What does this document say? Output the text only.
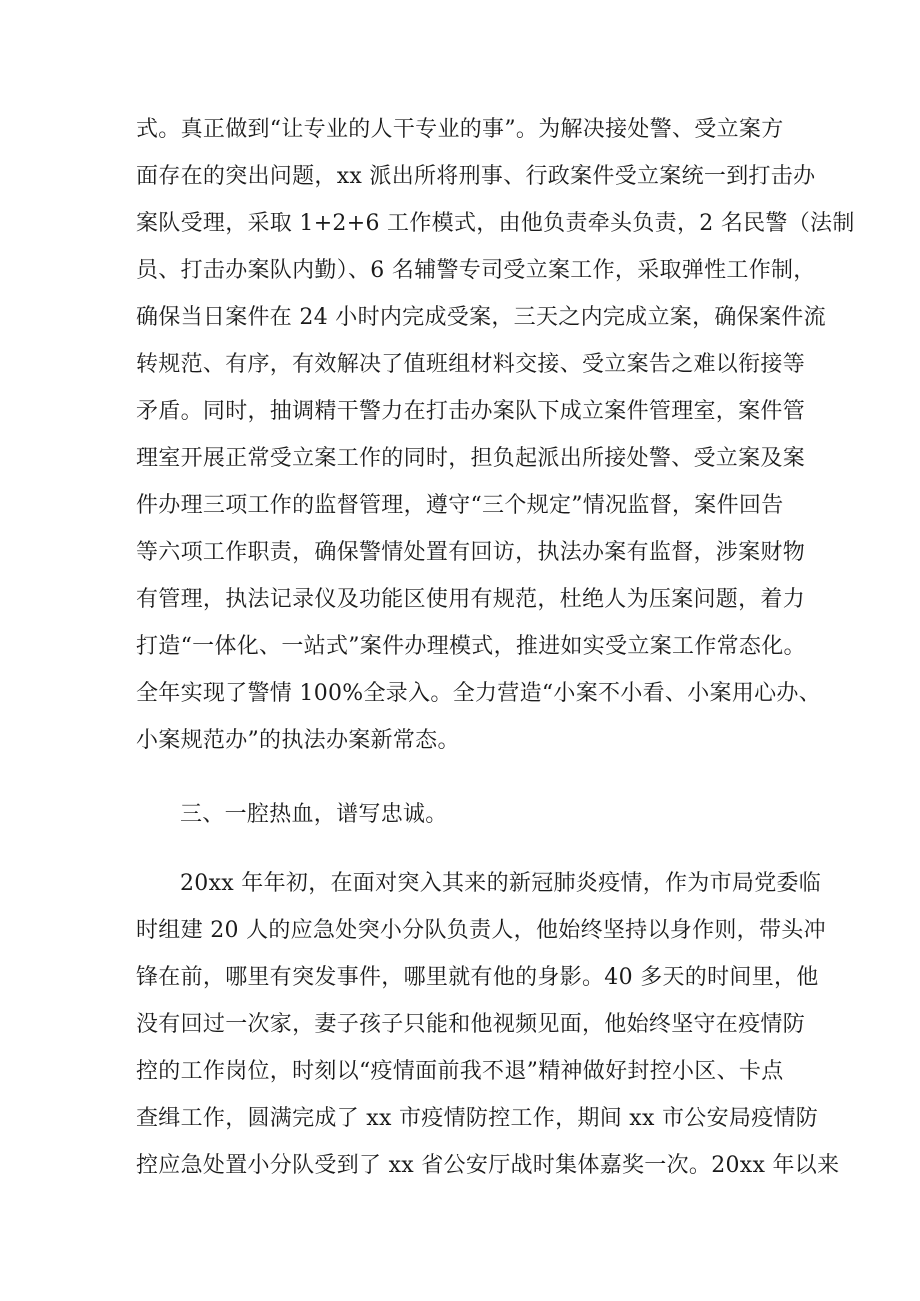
式。真正做到“让专业的人干专业的事”。为解决接处警、受立案方
面存在的突出问题，xx 派出所将刑事、行政案件受立案统一到打击办
案队受理，采取 1+2+6 工作模式，由他负责牵头负责，2 名民警（法制
员、打击办案队内勤）、6 名辅警专司受立案工作，采取弹性工作制，
确保当日案件在 24 小时内完成受案，三天之内完成立案，确保案件流
转规范、有序，有效解决了值班组材料交接、受立案告之难以衔接等
矛盾。同时，抽调精干警力在打击办案队下成立案件管理室，案件管
理室开展正常受立案工作的同时，担负起派出所接处警、受立案及案
件办理三项工作的监督管理，遵守“三个规定”情况监督，案件回告
等六项工作职责，确保警情处置有回访，执法办案有监督，涉案财物
有管理，执法记录仪及功能区使用有规范，杜绝人为压案问题，着力
打造“一体化、一站式”案件办理模式，推进如实受立案工作常态化。
全年实现了警情 100%全录入。全力营造“小案不小看、小案用心办、
小案规范办”的执法办案新常态。
三、一腔热血，谱写忠诚。
20xx 年年初，在面对突入其来的新冠肺炎疫情，作为市局党委临
时组建 20 人的应急处突小分队负责人，他始终坚持以身作则，带头冲
锋在前，哪里有突发事件，哪里就有他的身影。40 多天的时间里，他
没有回过一次家，妻子孩子只能和他视频见面，他始终坚守在疫情防
控的工作岗位，时刻以“疫情面前我不退”精神做好封控小区、卡点
查缉工作，圆满完成了 xx 市疫情防控工作，期间 xx 市公安局疫情防
控应急处置小分队受到了 xx 省公安厅战时集体嘉奖一次。20xx 年以来
